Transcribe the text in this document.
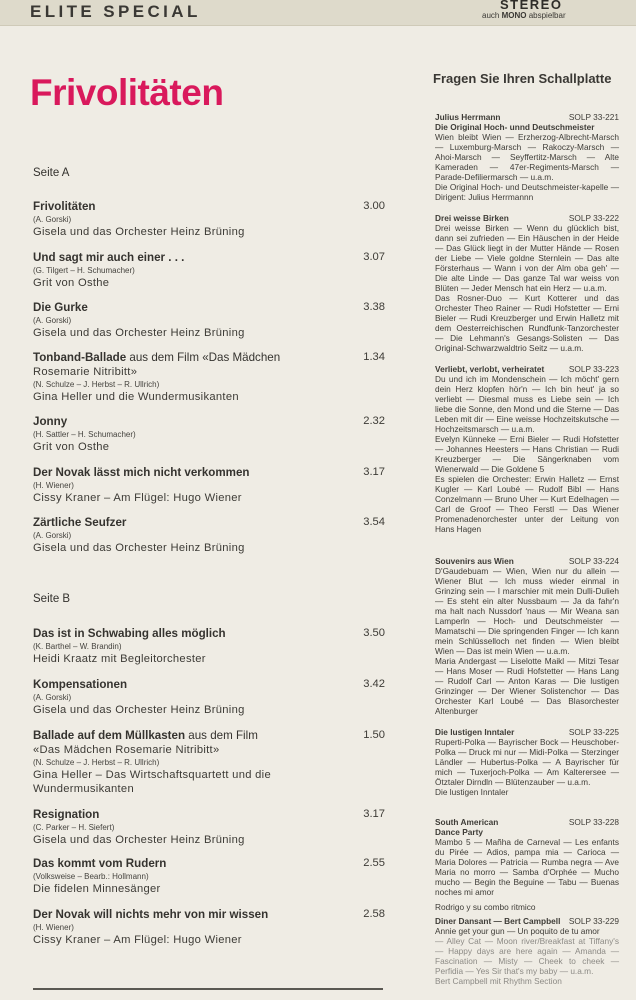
ELITE SPECIAL	STEREO
auch MONO abspielbar
Frivolitäten
Seite A
Frivolitäten
(A. Gorski)
Gisela und das Orchester Heinz Brüning
3.00
Und sagt mir auch einer . . .
(G. Tilgert – H. Schumacher)
Grit von Osthe
3.07
Die Gurke
(A. Gorski)
Gisela und das Orchester Heinz Brüning
3.38
Tonband-Ballade aus dem Film «Das Mädchen
Rosemarie Nitribitt»
(N. Schulze – J. Herbst – R. Ullrich)
Gina Heller und die Wundermusikanten
1.34
Jonny
(H. Sattler – H. Schumacher)
Grit von Osthe
2.32
Der Novak lässt mich nicht verkommen
(H. Wiener)
Cissy Kraner – Am Flügel: Hugo Wiener
3.17
Zärtliche Seufzer
(A. Gorski)
Gisela und das Orchester Heinz Brüning
3.54
Seite B
Das ist in Schwabing alles möglich
(K. Barthel – W. Brandin)
Heidi Kraatz mit Begleitorchester
3.50
Kompensationen
(A. Gorski)
Gisela und das Orchester Heinz Brüning
3.42
Ballade auf dem Müllkasten aus dem Film
«Das Mädchen Rosemarie Nitribitt»
(N. Schulze – J. Herbst – R. Ullrich)
Gina Heller – Das Wirtschaftsquartett und die Wundermusikanten
1.50
Resignation
(C. Parker – H. Siefert)
Gisela und das Orchester Heinz Brüning
3.17
Das kommt vom Rudern
(Volksweise – Bearb.: Hollmann)
Die fidelen Minnesänger
2.55
Der Novak will nichts mehr von mir wissen
(H. Wiener)
Cissy Kraner – Am Flügel: Hugo Wiener
2.58
Fragen Sie Ihren Schallplatte
Julius Herrmann	SOLP 33-221
Die Original Hoch- unnd Deutschmeister

Wien bleibt Wien — Erzherzog-Albrecht-Marsch — Luxemburg-Marsch — Rakoczy-Marsch — Ahoi-Marsch — Seyffertitz-Marsch — Alte Kameraden — 47er-Regiments-Marsch — Parade-Defiliermarsch — u.a.m.

Die Original Hoch- und Deutschmeister-kapelle — Dirigent: Julius Herrmannn

Drei weisse Birken	SOLP 33-222

Drei weisse Birken — Wenn du glücklich bist, dann sei zufrieden — Ein Häuschen in der Heide — Das Glück liegt in der Mutter Hände — Rosen der Liebe — Viele goldne Sternlein — Das alte Försterhaus — Wann i von der Alm oba geh' — Die alte Linde — Das ganze Tal war weiss von Blüten — Jeder Mensch hat ein Herz — u.a.m.

Das Rosner-Duo — Kurt Kotterer und das Orchester Theo Rainer — Rudi Hofstetter — Erni Bieler — Rudi Kreuzberger und Erwin Halletz mit dem Oesterreichischen Rundfunk-Tanzorchester — Die Lehmann's Gesangs-Solisten — Das Original-Schwarzwaldtrio Seitz — u.a.m.

Verliebt, verlobt, verheiratet	SOLP 33-223

Du und ich im Mondenschein — Ich möcht' gern dein Herz klopfen hör'n — Ich bin heut' ja so verliebt — Diesmal muss es Liebe sein — Ich liebe die Sonne, den Mond und die Sterne — Das Leben mit dir — Eine weisse Hochzeitskutsche — Hochzeitsmarsch — u.a.m.

Evelyn Künneke — Erni Bieler — Rudi Hofstetter — Johannes Heesters — Hans Christian — Rudi Kreuzberger — Die Sängerknaben vom Wienerwald — Die Goldene 5

Es spielen die Orchester: Erwin Halletz — Ernst Kugler — Karl Loubé — Rudolf Bibl — Hans Conzelmann — Bruno Uher — Kurt Edelhagen — Carl de Groof — Theo Ferstl — Das Wiener Promenadenorchester unter der Leitung von Hans Hagen

Souvenirs aus Wien	SOLP 33-224

D'Gaudebuam — Wien, Wien nur du allein — Wiener Blut — Ich muss wieder einmal in Grinzing sein — I marschier mit mein Dulli-Dulieh — Es steht ein alter Nussbaum — Ja da fahr'n ma halt nach Nussdorf 'naus — Mir Weana san Lamperln — Hoch- und Deutschmeister — Mamatschi — Die springenden Finger — Ich kann mein Schlüsselloch net finden — Wien bleibt Wien — Das ist mein Wien — u.a.m.

Maria Andergast — Liselotte Maikl — Mitzi Tesar — Hans Moser — Rudi Hofstetter — Hans Lang — Rudolf Carl — Anton Karas — Die lustigen Grinzinger — Der Wiener Solistenchor — Das Orchester Karl Loubé — Das Blasorchester Altenburger

Die lustigen Inntaler	SOLP 33-225

Ruperti-Polka — Bayrischer Bock — Heuschober-Polka — Druck mi nur — Midi-Polka — Sterzinger Ländler — Hubertus-Polka — A Bayrischer für mich — Tuxerjoch-Polka — Am Kalterersee — Ötztaler Dirndln — Blütenzauber — u.a.m.

Die lustigen Inntaler

South American	SOLP 33-228
Dance Party

Mambo 5 — Mañha de Carneval — Les enfants du Pirée — Adios, pampa mia — Carioca — Maria Dolores — Patricia — Rumba negra — Ave Maria no morro — Samba d'Orphée — Mucho mucho — Begin the Beguine — Tabu — Buenas noches mi amor

Rodrigo y su combo ritmico

Diner Dansant — Bert Campbell SOLP 33-229

Annie get your gun — Un poquito de tu amor

— Alley Cat — Moon river/Breakfast at Tiffany's — Happy days are here again — Amanda — Fascination — Misty — Cheek to cheek — Perfidia — Yes Sir that's my baby — u.a.m.

Bert Campbell mit Rhythm Section
